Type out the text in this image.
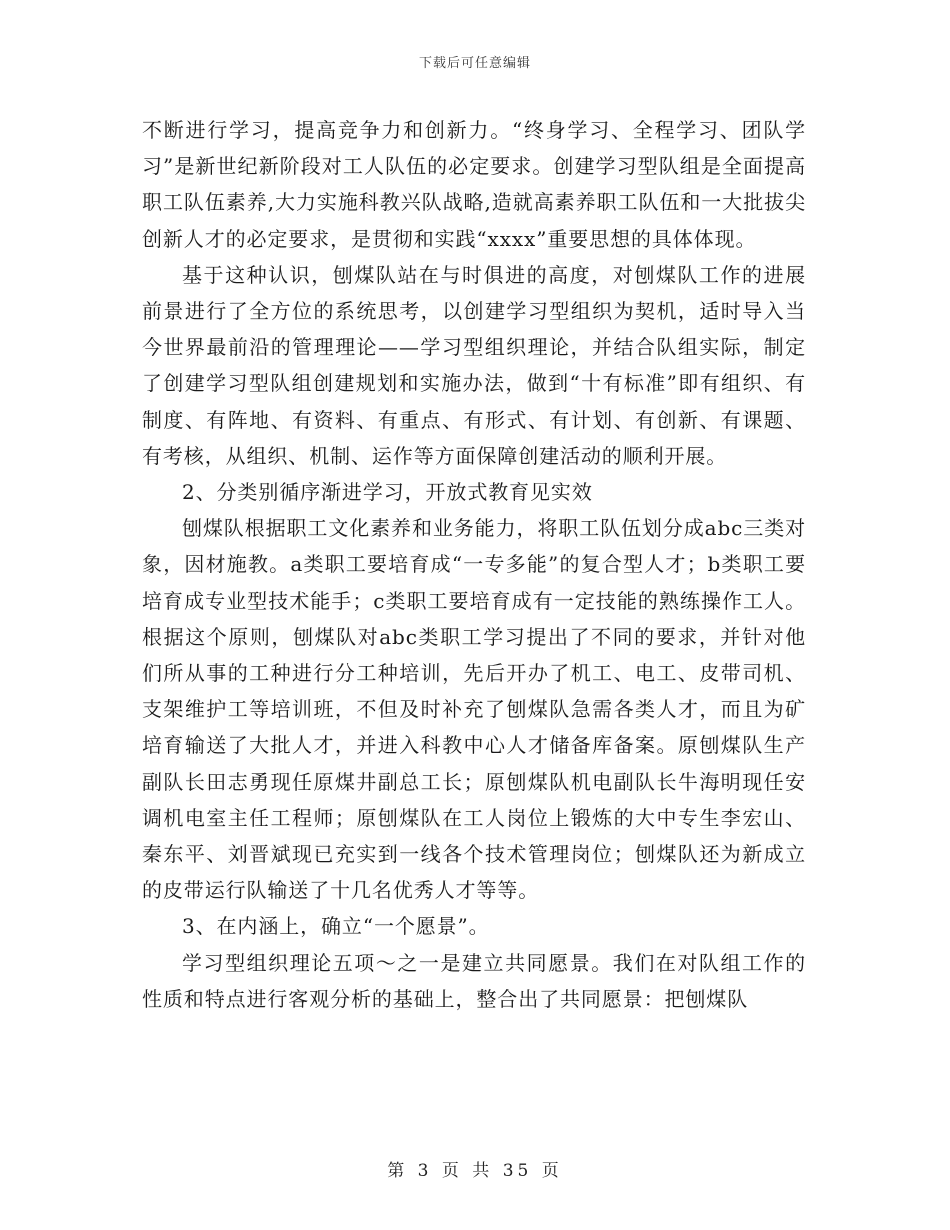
下载后可任意编辑

不断进行学习，提高竞争力和创新力。“终身学习、全程学习、团队学习”是新世纪新阶段对工人队伍的必定要求。创建学习型队组是全面提高职工队伍素养,大力实施科教兴队战略,造就高素养职工队伍和一大批拔尖创新人才的必定要求，是贯彻和实践“xxxx”重要思想的具体体现。

基于这种认识，刨煤队站在与时俱进的高度，对刨煤队工作的进展前景进行了全方位的系统思考，以创建学习型组织为契机，适时导入当今世界最前沿的管理理论——学习型组织理论，并结合队组实际，制定了创建学习型队组创建规划和实施办法，做到“十有标准”即有组织、有制度、有阵地、有资料、有重点、有形式、有计划、有创新、有课题、有考核，从组织、机制、运作等方面保障创建活动的顺利开展。

2、分类别循序渐进学习，开放式教育见实效

刨煤队根据职工文化素养和业务能力，将职工队伍划分成abc三类对象，因材施教。a类职工要培育成“一专多能”的复合型人才；b类职工要培育成专业型技术能手；c类职工要培育成有一定技能的熟练操作工人。根据这个原则，刨煤队对abc类职工学习提出了不同的要求，并针对他们所从事的工种进行分工种培训，先后开办了机工、电工、皮带司机、支架维护工等培训班，不但及时补充了刨煤队急需各类人才，而且为矿培育输送了大批人才，并进入科教中心人才储备库备案。原刨煤队生产副队长田志勇现任原煤井副总工长；原刨煤队机电副队长牛海明现任安调机电室主任工程师；原刨煤队在工人岗位上锻炼的大中专生李宏山、秦东平、刘晋斌现已充实到一线各个技术管理岗位；刨煤队还为新成立的皮带运行队输送了十几名优秀人才等等。

3、在内涵上，确立“一个愿景”。

学习型组织理论五项～之一是建立共同愿景。我们在对队组工作的性质和特点进行客观分析的基础上，整合出了共同愿景：把刨煤队

第 3 页 共 35 页
